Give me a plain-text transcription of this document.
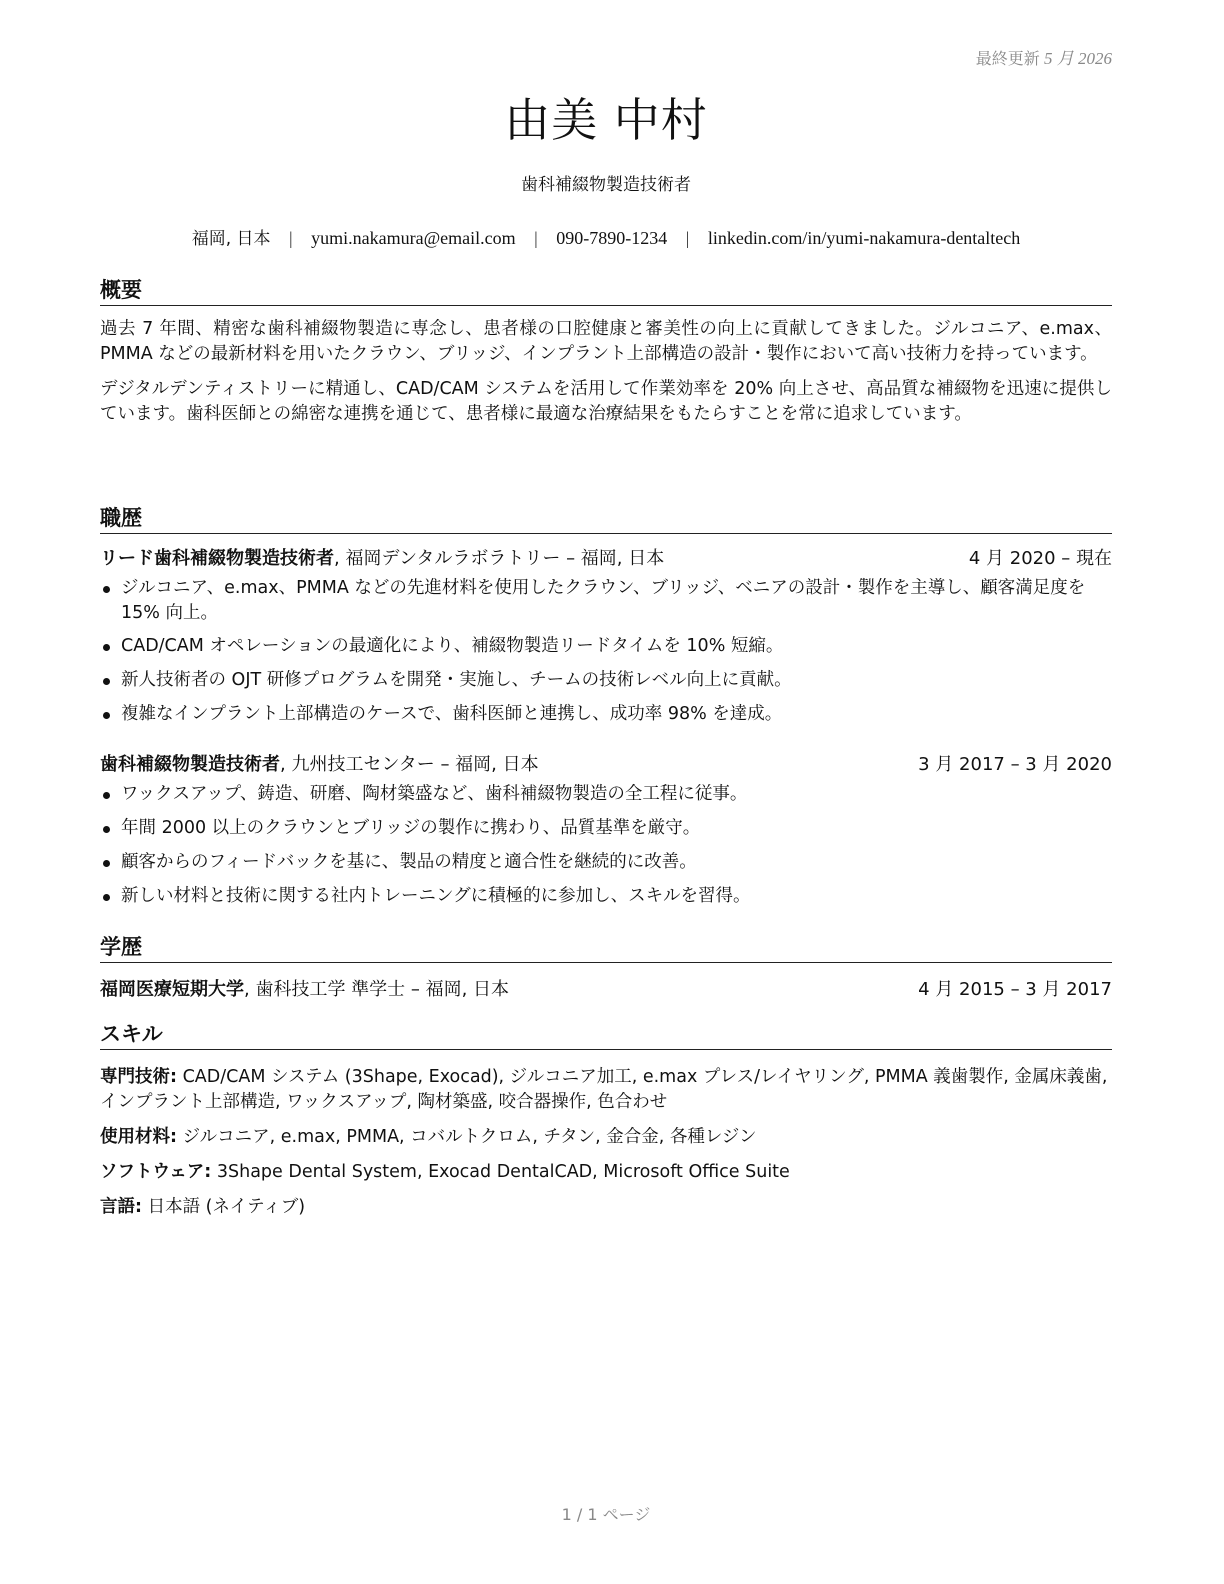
最終更新 5 月 2026
由美 中村
歯科補綴物製造技術者
福岡, 日本 | yumi.nakamura@email.com | 090-7890-1234 | linkedin.com/in/yumi-nakamura-dentaltech
概要

過去 7 年間、精密な歯科補綴物製造に専念し、患者様の口腔健康と審美性の向上に貢献してきました。ジルコニア、e.max、PMMA などの最新材料を用いたクラウン、ブリッジ、インプラント上部構造の設計・製作において高い技術力を持っています。

デジタルデンティストリーに精通し、CAD/CAM システムを活用して作業効率を 20% 向上させ、高品質な補綴物を迅速に提供しています。歯科医師との綿密な連携を通じて、患者様に最適な治療結果をもたらすことを常に追求しています。

職歴
リード歯科補綴物製造技術者, 福岡デンタルラボラトリー – 福岡, 日本	4 月 2020 – 現在
ジルコニア、e.max、PMMA などの先進材料を使用したクラウン、ブリッジ、ベニアの設計・製作を主導し、顧客満足度を 15% 向上。
CAD/CAM オペレーションの最適化により、補綴物製造リードタイムを 10% 短縮。
新人技術者の OJT 研修プログラムを開発・実施し、チームの技術レベル向上に貢献。
複雑なインプラント上部構造のケースで、歯科医師と連携し、成功率 98% を達成。
歯科補綴物製造技術者, 九州技工センター – 福岡, 日本	3 月 2017 – 3 月 2020
ワックスアップ、鋳造、研磨、陶材築盛など、歯科補綴物製造の全工程に従事。
年間 2000 以上のクラウンとブリッジの製作に携わり、品質基準を厳守。
顧客からのフィードバックを基に、製品の精度と適合性を継続的に改善。
新しい材料と技術に関する社内トレーニングに積極的に参加し、スキルを習得。
学歴
福岡医療短期大学, 歯科技工学 準学士 – 福岡, 日本	4 月 2015 – 3 月 2017
スキル
専門技術: CAD/CAM システム (3Shape, Exocad), ジルコニア加工, e.max プレス/レイヤリング, PMMA 義歯製作, 金属床義歯, インプラント上部構造, ワックスアップ, 陶材築盛, 咬合器操作, 色合わせ
使用材料: ジルコニア, e.max, PMMA, コバルトクロム, チタン, 金合金, 各種レジン
ソフトウェア: 3Shape Dental System, Exocad DentalCAD, Microsoft Office Suite
言語: 日本語 (ネイティブ)
1 / 1 ページ
